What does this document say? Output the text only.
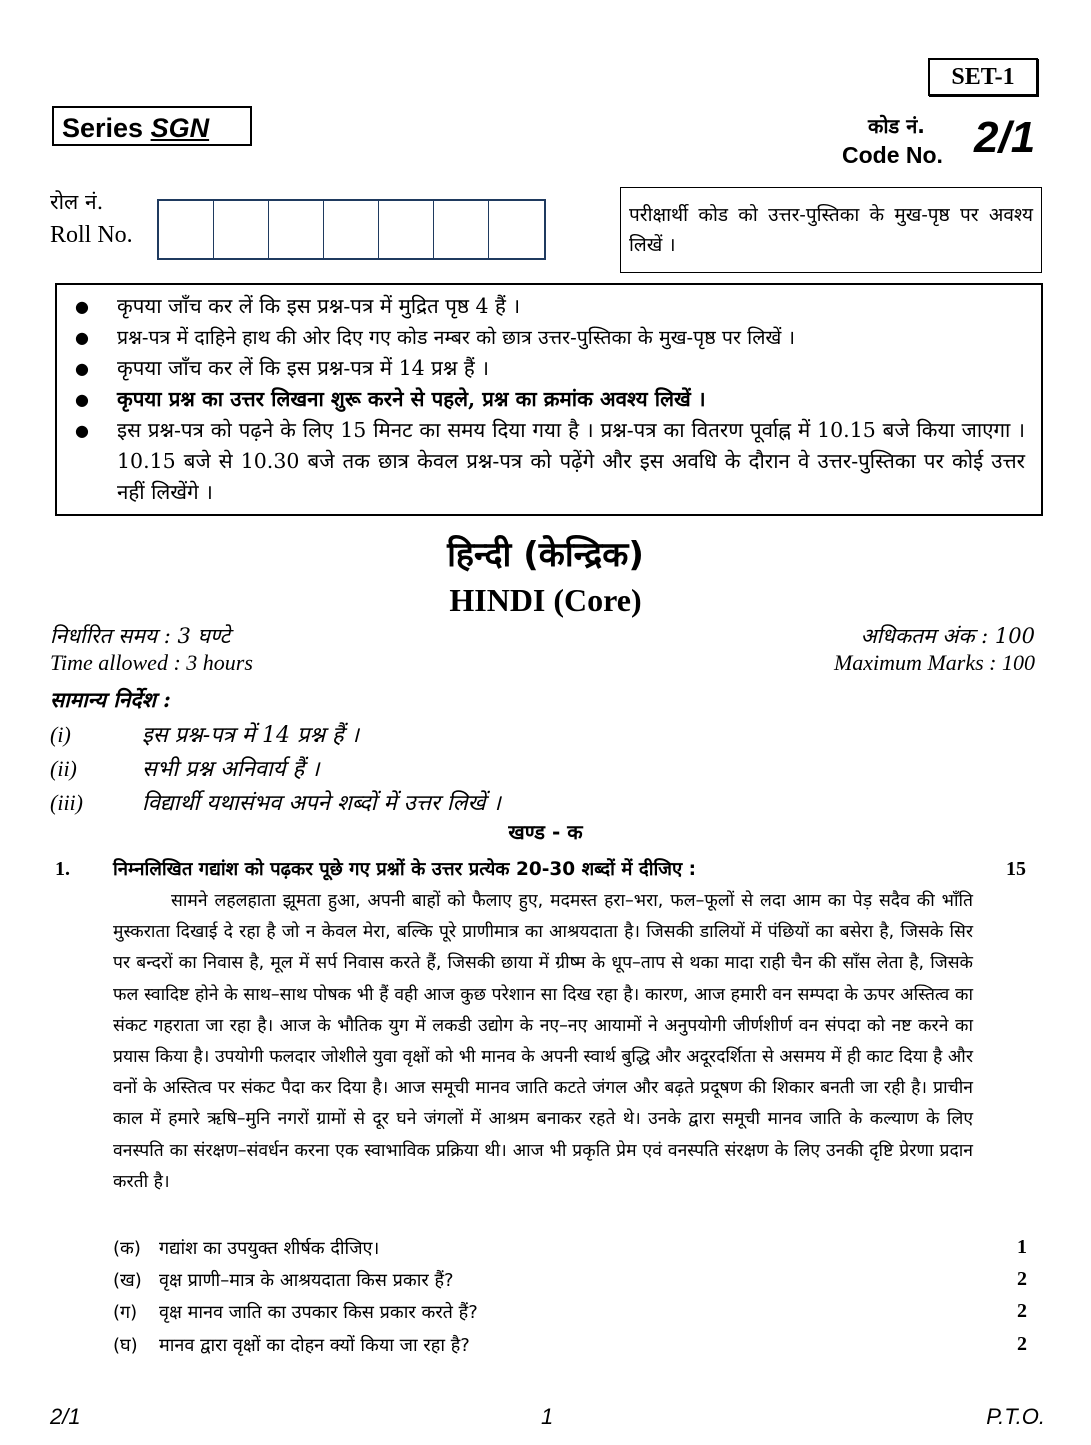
SET-1
Series SGN	कोड नं.
Code No. 2/1
रोल नं.
Roll No.
परीक्षार्थी कोड को उत्तर-पुस्तिका के मुख-पृष्ठ पर अवश्य लिखें ।
● कृपया जाँच कर लें कि इस प्रश्न-पत्र में मुद्रित पृष्ठ 4 हैं ।
● प्रश्न-पत्र में दाहिने हाथ की ओर दिए गए कोड नम्बर को छात्र उत्तर-पुस्तिका के मुख-पृष्ठ पर लिखें ।
● कृपया जाँच कर लें कि इस प्रश्न-पत्र में 14 प्रश्न हैं ।
● कृपया प्रश्न का उत्तर लिखना शुरू करने से पहले, प्रश्न का क्रमांक अवश्य लिखें ।
● इस प्रश्न-पत्र को पढ़ने के लिए 15 मिनट का समय दिया गया है । प्रश्न-पत्र का वितरण पूर्वाह्न में 10.15 बजे किया जाएगा । 10.15 बजे से 10.30 बजे तक छात्र केवल प्रश्न-पत्र को पढ़ेंगे और इस अवधि के दौरान वे उत्तर-पुस्तिका पर कोई उत्तर नहीं लिखेंगे ।
हिन्दी (केन्द्रिक)
HINDI (Core)
निर्धारित समय : 3 घण्टे
Time allowed : 3 hours
अधिकतम अंक : 100
Maximum Marks : 100
सामान्य निर्देश :
(i)	इस प्रश्न-पत्र में 14 प्रश्न हैं ।
(ii)	सभी प्रश्न अनिवार्य हैं ।
(iii)	विद्यार्थी यथासंभव अपने शब्दों में उत्तर लिखें ।
खण्ड - क
1. निम्नलिखित गद्यांश को पढ़कर पूछे गए प्रश्नों के उत्तर प्रत्येक 20-30 शब्दों में दीजिए :	15
सामने लहलहाता झूमता हुआ, अपनी बाहों को फैलाए हुए, मदमस्त हरा–भरा, फल–फूलों से लदा आम का पेड़ सदैव की भाँति मुस्कराता दिखाई दे रहा है जो न केवल मेरा, बल्कि पूरे प्राणीमात्र का आश्रयदाता है। जिसकी डालियों में पंछियों का बसेरा है, जिसके सिर पर बन्दरों का निवास है, मूल में सर्प निवास करते हैं, जिसकी छाया में ग्रीष्म के धूप–ताप से थका मादा राही चैन की साँस लेता है, जिसके फल स्वादिष्ट होने के साथ–साथ पोषक भी हैं वही आज कुछ परेशान सा दिख रहा है। कारण, आज हमारी वन सम्पदा के ऊपर अस्तित्व का संकट गहराता जा रहा है। आज के भौतिक युग में लकडी उद्योग के नए–नए आयामों ने अनुपयोगी जीर्णशीर्ण वन संपदा को नष्ट करने का प्रयास किया है। उपयोगी फलदार जोशीले युवा वृक्षों को भी मानव के अपनी स्वार्थ बुद्धि और अदूरदर्शिता से असमय में ही काट दिया है और वनों के अस्तित्व पर संकट पैदा कर दिया है। आज समूची मानव जाति कटते जंगल और बढ़ते प्रदूषण की शिकार बनती जा रही है। प्राचीन काल में हमारे ऋषि–मुनि नगरों ग्रामों से दूर घने जंगलों में आश्रम बनाकर रहते थे। उनके द्वारा समूची मानव जाति के कल्याण के लिए वनस्पति का संरक्षण–संवर्धन करना एक स्वाभाविक प्रक्रिया थी। आज भी प्रकृति प्रेम एवं वनस्पति संरक्षण के लिए उनकी दृष्टि प्रेरणा प्रदान करती है।
(क) गद्यांश का उपयुक्त शीर्षक दीजिए।	1
(ख) वृक्ष प्राणी–मात्र के आश्रयदाता किस प्रकार हैं?	2
(ग) वृक्ष मानव जाति का उपकार किस प्रकार करते हैं?	2
(घ) मानव द्वारा वृक्षों का दोहन क्यों किया जा रहा है?	2
2/1	1	P.T.O.
